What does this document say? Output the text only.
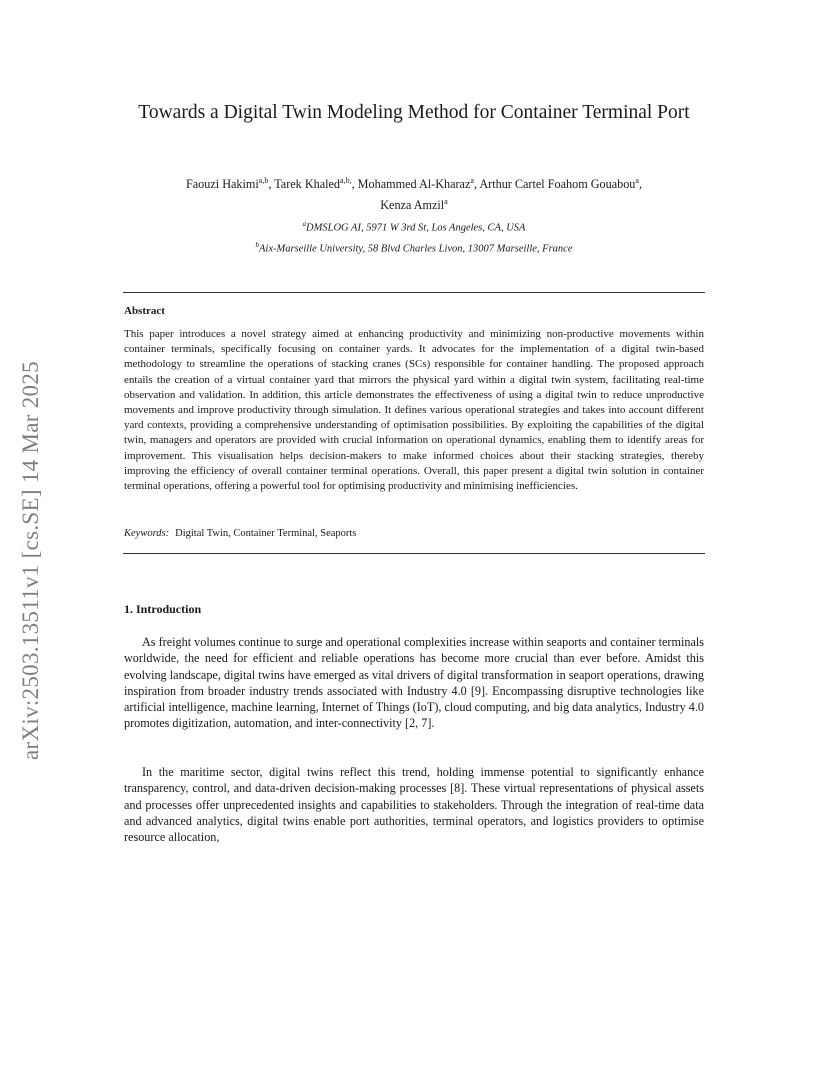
arXiv:2503.13511v1 [cs.SE] 14 Mar 2025
Towards a Digital Twin Modeling Method for Container Terminal Port
Faouzi Hakimi$^{a,b}$, Tarek Khaled$^{a,b,}$, Mohammed Al-Kharaz$^a$, Arthur Cartel Foahom Gouabou$^a$,
Kenza Amzil$^a$
$^a$DMSLOG AI, 5971 W 3rd St, Los Angeles, CA, USA
$^b$Aix-Marseille University, 58 Blvd Charles Livon, 13007 Marseille, France
Abstract

This paper introduces a novel strategy aimed at enhancing productivity and minimizing non-productive movements within container terminals, specifically focusing on container yards. It advocates for the implementation of a digital twin-based methodology to streamline the operations of stacking cranes (SCs) responsible for container handling. The proposed approach entails the creation of a virtual container yard that mirrors the physical yard within a digital twin system, facilitating real-time observation and validation. In addition, this article demonstrates the effectiveness of using a digital twin to reduce unproductive movements and improve productivity through simulation. It defines various operational strategies and takes into account different yard contexts, providing a comprehensive understanding of optimisation possibilities. By exploiting the capabilities of the digital twin, managers and operators are provided with crucial information on operational dynamics, enabling them to identify areas for improvement. This visualisation helps decision-makers to make informed choices about their stacking strategies, thereby improving the efficiency of overall container terminal operations. Overall, this paper present a digital twin solution in container terminal operations, offering a powerful tool for optimising productivity and minimising inefficiencies.

Keywords: Digital Twin, Container Terminal, Seaports
1. Introduction

As freight volumes continue to surge and operational complexities increase within seaports and container terminals worldwide, the need for efficient and reliable operations has become more crucial than ever before. Amidst this evolving landscape, digital twins have emerged as vital drivers of digital transformation in seaport operations, drawing inspiration from broader industry trends associated with Industry 4.0 [9]. Encompassing disruptive technologies like artificial intelligence, machine learning, Internet of Things (IoT), cloud computing, and big data analytics, Industry 4.0 promotes digitization, automation, and inter-connectivity [2, 7].

In the maritime sector, digital twins reflect this trend, holding immense potential to significantly enhance transparency, control, and data-driven decision-making processes [8]. These virtual representations of physical assets and processes offer unprecedented insights and capabilities to stakeholders. Through the integration of real-time data and advanced analytics, digital twins enable port authorities, terminal operators, and logistics providers to optimise resource allocation,
